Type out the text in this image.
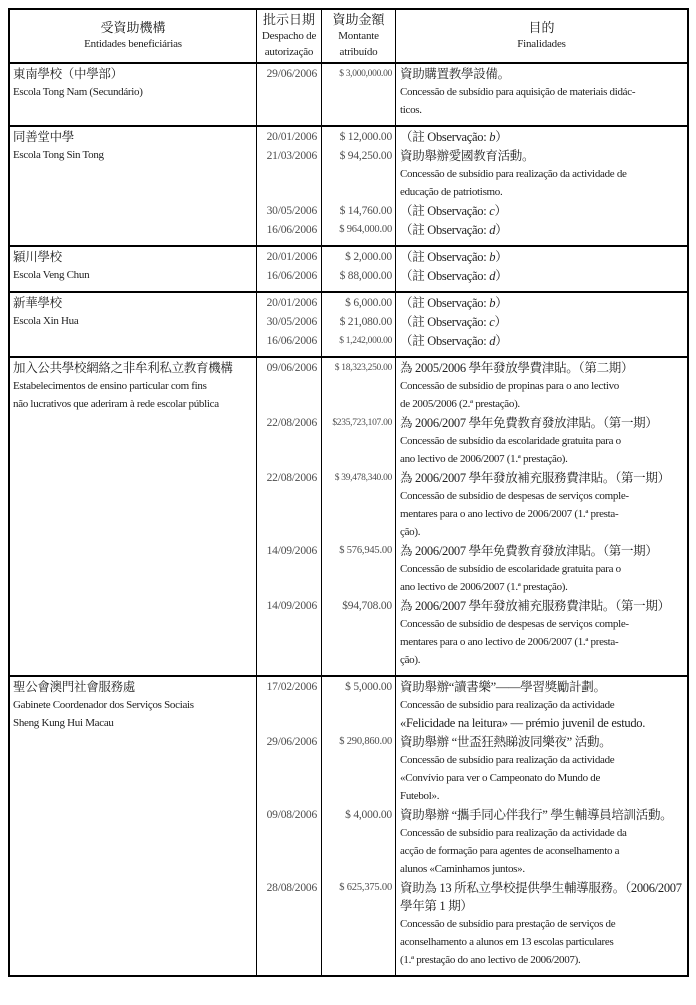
受資助機構
Entidades beneficiárias
批示日期
Despacho de
autorização
資助金額
Montante
atribuído
目的
Finalidades
東南學校（中學部）
Escola Tong Nam (Secundário)
29/06/2006	$ 3,000,000.00 資助購置教學設備。
Concessão de subsídio para aquisição de materiais didác-
ticos.
同善堂中學
Escola Tong Sin Tong
20/01/2006	$ 12,000.00 （註 Observação: b）
21/03/2006	$ 94,250.00 資助舉辦愛國教育活動。
Concessão de subsídio para realização da actividade de
educação de patriotismo.
30/05/2006	$ 14,760.00 （註 Observação: c）
16/06/2006	$ 964,000.00 （註 Observação: d）
穎川學校
Escola Veng Chun
20/01/2006	$ 2,000.00 （註 Observação: b）
16/06/2006	$ 88,000.00 （註 Observação: d）
新華學校
Escola Xin Hua
20/01/2006	$ 6,000.00 （註 Observação: b）
30/05/2006	$ 21,080.00 （註 Observação: c）
16/06/2006	$ 1,242,000.00 （註 Observação: d）
加入公共學校網絡之非牟利私立教育機構
Estabelecimentos de ensino particular com fins
não lucrativos que aderiram à rede escolar pública
09/06/2006	$ 18,323,250.00 為 2005/2006 學年發放學費津貼。（第二期）
Concessão de subsídio de propinas para o ano lectivo
de 2005/2006 (2.ª prestação).
22/08/2006	$235,723,107.00 為 2006/2007 學年免費教育發放津貼。（第一期）
Concessão de subsídio da escolaridade gratuita para o
ano lectivo de 2006/2007 (1.ª prestação).
22/08/2006	$ 39,478,340.00 為 2006/2007 學年發放補充服務費津貼。（第一期）
Concessão de subsídio de despesas de serviços comple-
mentares para o ano lectivo de 2006/2007 (1.ª presta-
ção).
14/09/2006	$ 576,945.00 為 2006/2007 學年免費教育發放津貼。（第一期）
Concessão de subsídio de escolaridade gratuita para o
ano lectivo de 2006/2007 (1.ª prestação).
14/09/2006	$94,708.00 為 2006/2007 學年發放補充服務費津貼。（第一期）
Concessão de subsídio de despesas de serviços comple-
mentares para o ano lectivo de 2006/2007 (1.ª presta-
ção).
聖公會澳門社會服務處
Gabinete Coordenador dos Serviços Sociais
Sheng Kung Hui Macau
17/02/2006	$ 5,000.00 資助舉辦“讀書樂”——學習獎勵計劃。
Concessão de subsídio para realização da actividade
«Felicidade na leitura» — prémio juvenil de estudo.
29/06/2006	$ 290,860.00 資助舉辦 “世盃狂熱睇波同樂夜” 活動。
Concessão de subsídio para realização da actividade
«Convívio para ver o Campeonato do Mundo de
Futebol».
09/08/2006	$ 4,000.00 資助舉辦 “攜手同心伴我行” 學生輔導員培訓活動。
Concessão de subsídio para realização da actividade da
acção de formação para agentes de aconselhamento a
alunos «Caminhamos juntos».
28/08/2006	$ 625,375.00 資助為 13 所私立學校提供學生輔導服務。（2006/2007
學年第 1 期）
Concessão de subsídio para prestação de serviços de
aconselhamento a alunos em 13 escolas particulares
(1.ª prestação do ano lectivo de 2006/2007).
